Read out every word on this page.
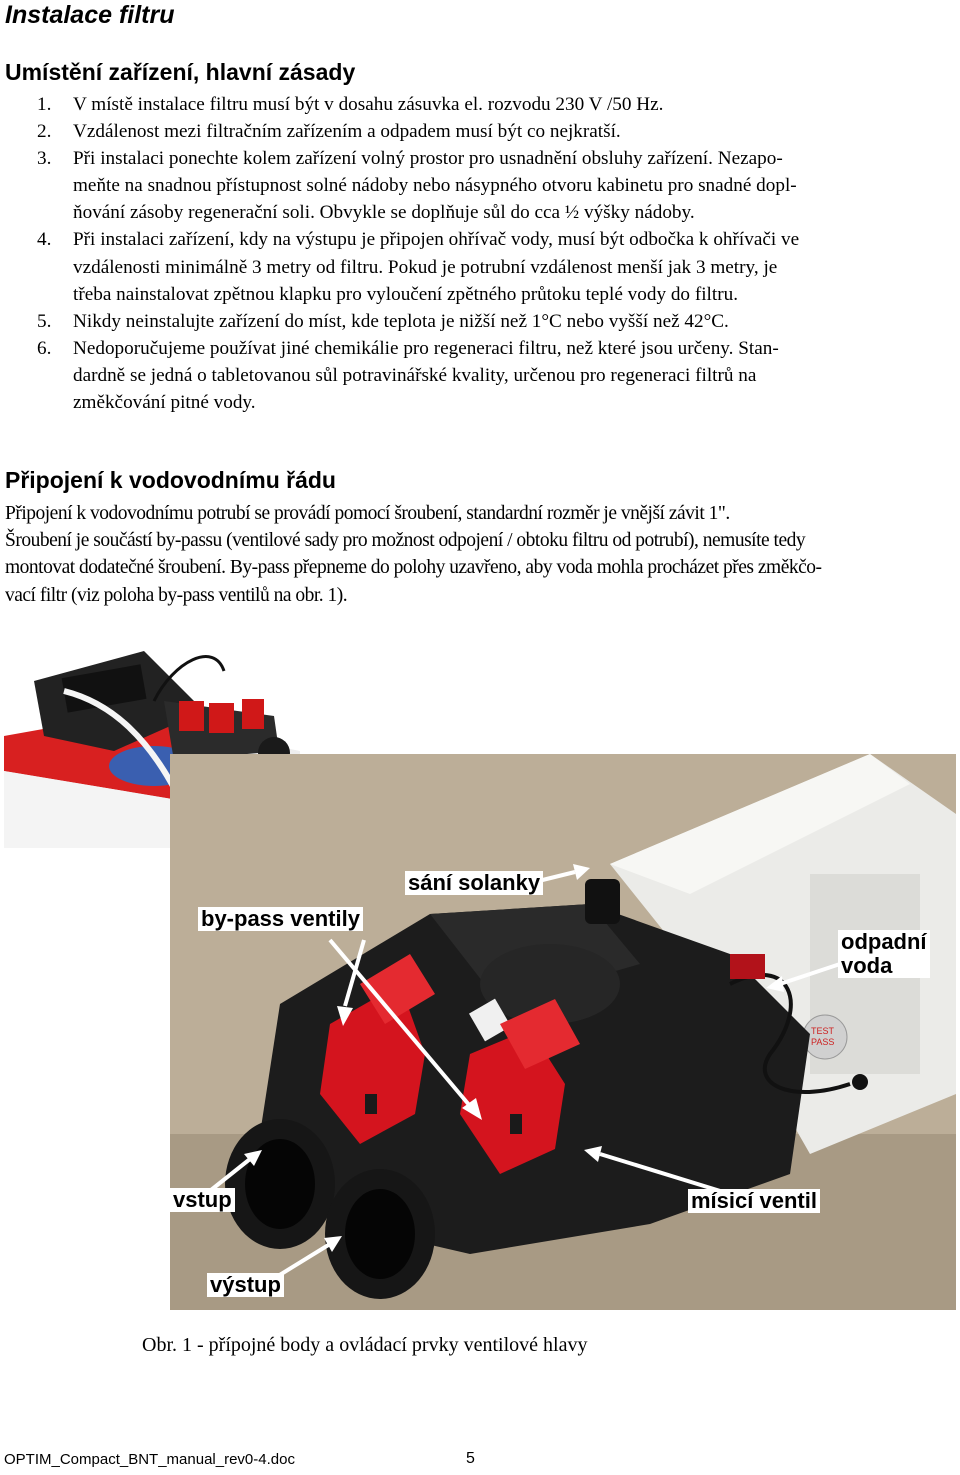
Instalace filtru
Umístění zařízení, hlavní zásady
1. V místě instalace filtru musí být v dosahu zásuvka el. rozvodu 230 V /50 Hz.
2. Vzdálenost mezi filtračním zařízením a odpadem musí být co nejkratší.
3. Při instalaci ponechte kolem zařízení volný prostor pro usnadnění obsluhy zařízení. Nezapo-
meňte na snadnou přístupnost solné nádoby nebo násypného otvoru kabinetu pro snadné dopl-
ňování zásoby regenerační soli. Obvykle se doplňuje sůl do cca ½ výšky nádoby.
4. Při instalaci zařízení, kdy na výstupu je připojen ohřívač vody, musí být odbočka k ohřívači ve
vzdálenosti minimálně 3 metry od filtru. Pokud je potrubní vzdálenost menší jak 3 metry, je
třeba nainstalovat zpětnou klapku pro vyloučení zpětného průtoku teplé vody do filtru.
5. Nikdy neinstalujte zařízení do míst, kde teplota je nižší než 1°C nebo vyšší než 42°C.
6. Nedoporučujeme používat jiné chemikálie pro regeneraci filtru, než které jsou určeny. Stan-
dardně se jedná o tabletovanou sůl potravinářské kvality, určenou pro regeneraci filtrů na
změkčování pitné vody.
Připojení k vodovodnímu řádu

Připojení k vodovodnímu potrubí se provádí pomocí šroubení, standardní rozměr je vnější závit 1".
Šroubení je součástí by-passu (ventilové sady pro možnost odpojení / obtoku filtru od potrubí), nemusíte tedy
montovat dodatečné šroubení. By-pass přepneme do polohy uzavřeno, aby voda mohla procházet přes změkčo-
vací filtr (viz poloha by-pass ventilů na obr. 1).

TEST
PASS
sání solanky
by-pass ventily
odpadní
voda
vstup	mísicí ventil
výstup

Obr. 1 - přípojné body a ovládací prvky ventilové hlavy

OPTIM_Compact_BNT_manual_rev0-4.doc	5
